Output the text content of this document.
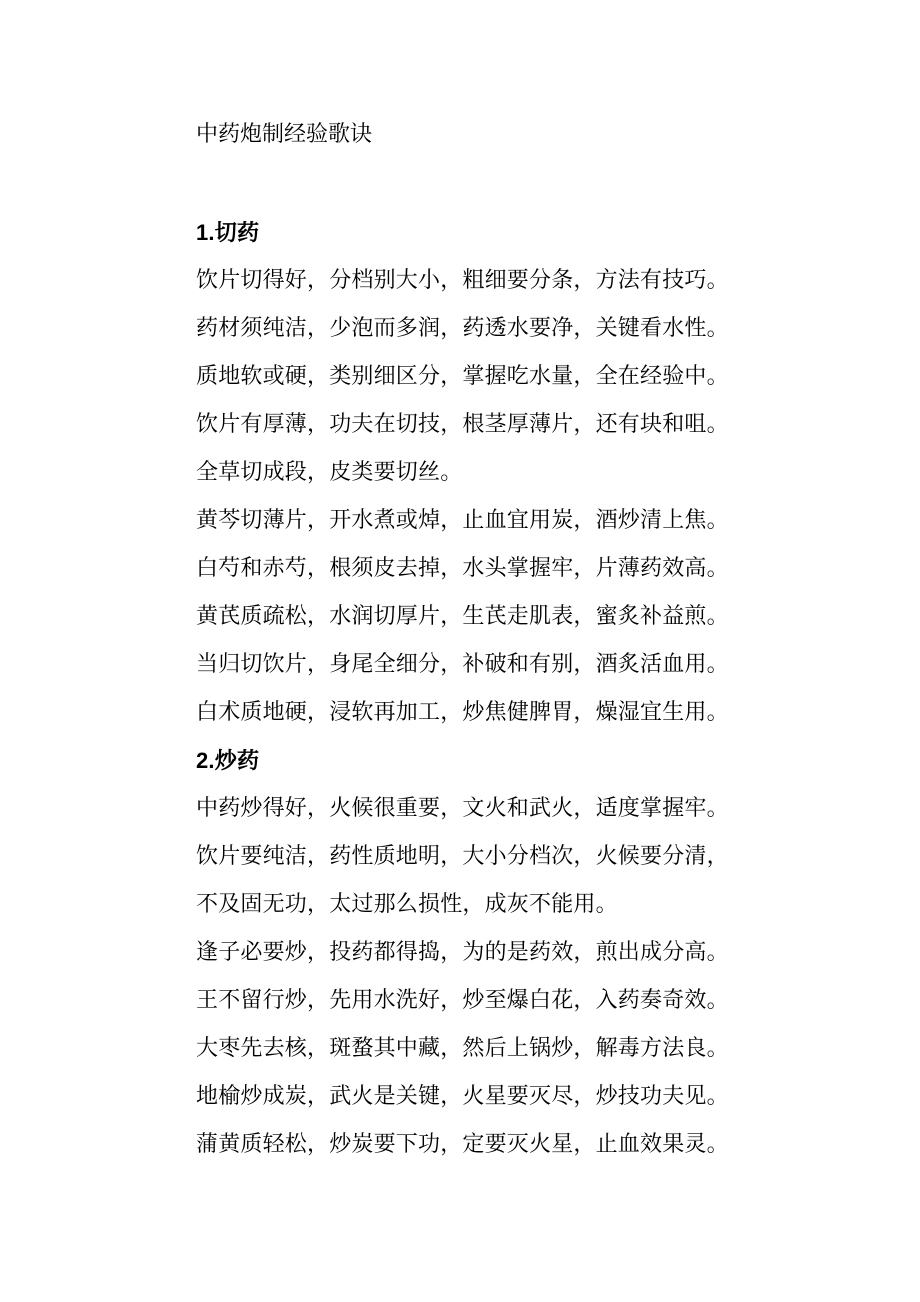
中药炮制经验歌诀
1.切药
饮片切得好，分档别大小，粗细要分条，方法有技巧。
药材须纯洁，少泡而多润，药透水要净，关键看水性。
质地软或硬，类别细区分，掌握吃水量，全在经验中。
饮片有厚薄，功夫在切技，根茎厚薄片，还有块和咀。
全草切成段，皮类要切丝。
黄芩切薄片，开水煮或焯，止血宜用炭，酒炒清上焦。
白芍和赤芍，根须皮去掉，水头掌握牢，片薄药效高。
黄芪质疏松，水润切厚片，生芪走肌表，蜜炙补益煎。
当归切饮片，身尾全细分，补破和有别，酒炙活血用。
白术质地硬，浸软再加工，炒焦健脾胃，燥湿宜生用。
2.炒药
中药炒得好，火候很重要，文火和武火，适度掌握牢。
饮片要纯洁，药性质地明，大小分档次，火候要分清，
不及固无功，太过那么损性，成灰不能用。
逢子必要炒，投药都得捣，为的是药效，煎出成分高。
王不留行炒，先用水洗好，炒至爆白花，入药奏奇效。
大枣先去核，斑蝥其中藏，然后上锅炒，解毒方法良。
地榆炒成炭，武火是关键，火星要灭尽，炒技功夫见。
蒲黄质轻松，炒炭要下功，定要灭火星，止血效果灵。
